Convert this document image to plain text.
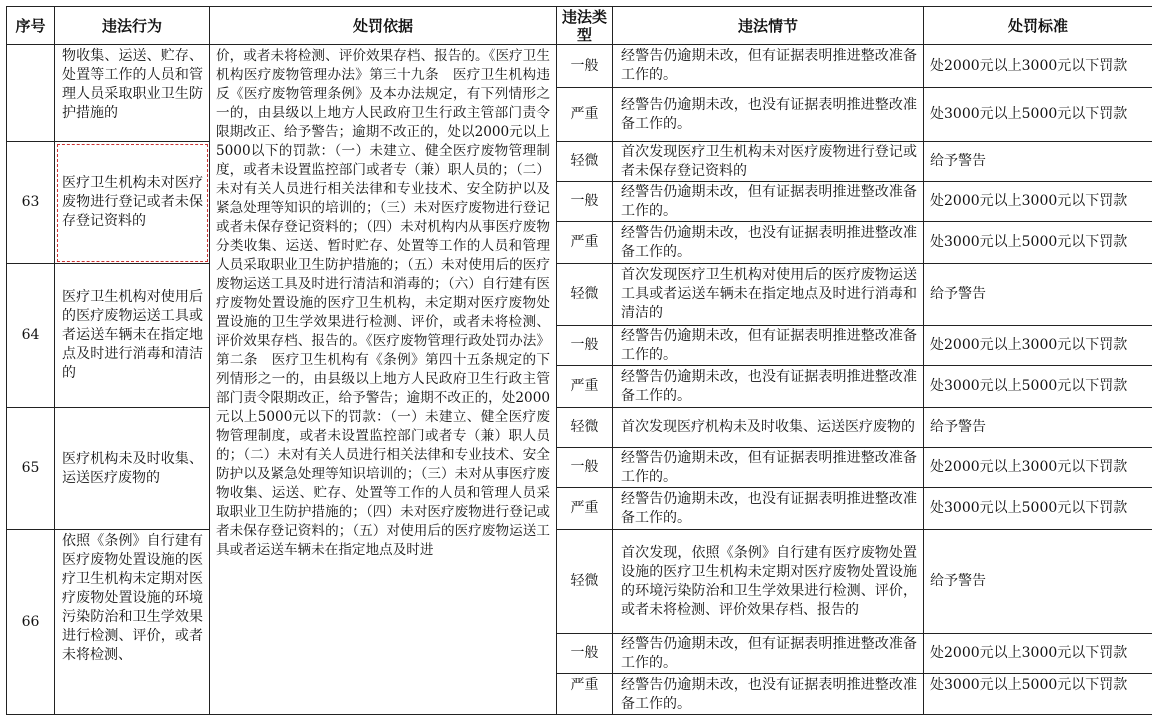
序号	违法行为	处罚依据	违法类型	违法情节	处罚标准
	物收集、运送、贮存、处置等工作的人员和管理人员采取职业卫生防护措施的	价，或者未将检测、评价效果存档、报告的。《医疗卫生机构医疗废物管理办法》第三十九条　医疗卫生机构违反《医疗废物管理条例》及本办法规定，有下列情形之一的，由县级以上地方人民政府卫生行政主管部门责令限期改正、给予警告；逾期不改正的，处以2000元以上5000以下的罚款：（一）未建立、健全医疗废物管理制度，或者未设置监控部门或者专（兼）职人员的；（二）未对有关人员进行相关法律和专业技术、安全防护以及紧急处理等知识的培训的；（三）未对医疗废物进行登记或者未保存登记资料的；（四）未对机构内从事医疗废物分类收集、运送、暂时贮存、处置等工作的人员和管理人员采取职业卫生防护措施的；（五）未对使用后的医疗废物运送工具及时进行清洁和消毒的；（六）自行建有医疗废物处置设施的医疗卫生机构，未定期对医疗废物处置设施的卫生学效果进行检测、评价，或者未将检测、评价效果存档、报告的。《医疗废物管理行政处罚办法》第二条　医疗卫生机构有《条例》第四十五条规定的下列情形之一的，由县级以上地方人民政府卫生行政主管部门责令限期改正，给予警告；逾期不改正的，处2000元以上5000元以下的罚款：（一）未建立、健全医疗废物管理制度，或者未设置监控部门或者专（兼）职人员的；（二）未对有关人员进行相关法律和专业技术、安全防护以及紧急处理等知识培训的；（三）未对从事医疗废物收集、运送、贮存、处置等工作的人员和管理人员采取职业卫生防护措施的；（四）未对医疗废物进行登记或者未保存登记资料的；（五）对使用后的医疗废物运送工具或者运送车辆未在指定地点及时进	一般	经警告仍逾期未改，但有证据表明推进整改准备工作的。	处2000元以上3000元以下罚款
			严重	经警告仍逾期未改，也没有证据表明推进整改准备工作的。	处3000元以上5000元以下罚款
63	医疗卫生机构未对医疗废物进行登记或者未保存登记资料的		轻微	首次发现医疗卫生机构未对医疗废物进行登记或者未保存登记资料的	给予警告
			一般	经警告仍逾期未改，但有证据表明推进整改准备工作的。	处2000元以上3000元以下罚款
			严重	经警告仍逾期未改，也没有证据表明推进整改准备工作的。	处3000元以上5000元以下罚款
64	医疗卫生机构对使用后的医疗废物运送工具或者运送车辆未在指定地点及时进行消毒和清洁的		轻微	首次发现医疗卫生机构对使用后的医疗废物运送工具或者运送车辆未在指定地点及时进行消毒和清洁的	给予警告
			一般	经警告仍逾期未改，但有证据表明推进整改准备工作的。	处2000元以上3000元以下罚款
			严重	经警告仍逾期未改，也没有证据表明推进整改准备工作的。	处3000元以上5000元以下罚款
65	医疗机构未及时收集、运送医疗废物的		轻微	首次发现医疗机构未及时收集、运送医疗废物的	给予警告
			一般	经警告仍逾期未改，但有证据表明推进整改准备工作的。	处2000元以上3000元以下罚款
			严重	经警告仍逾期未改，也没有证据表明推进整改准备工作的。	处3000元以上5000元以下罚款
66	依照《条例》自行建有医疗废物处置设施的医疗卫生机构未定期对医疗废物处置设施的环境污染防治和卫生学效果进行检测、评价，或者未将检测、		轻微	首次发现，依照《条例》自行建有医疗废物处置设施的医疗卫生机构未定期对医疗废物处置设施的环境污染防治和卫生学效果进行检测、评价，或者未将检测、评价效果存档、报告的	给予警告
			一般	经警告仍逾期未改，但有证据表明推进整改准备工作的。	处2000元以上3000元以下罚款
			严重	经警告仍逾期未改，也没有证据表明推进整改准备工作的。	处3000元以上5000元以下罚款
